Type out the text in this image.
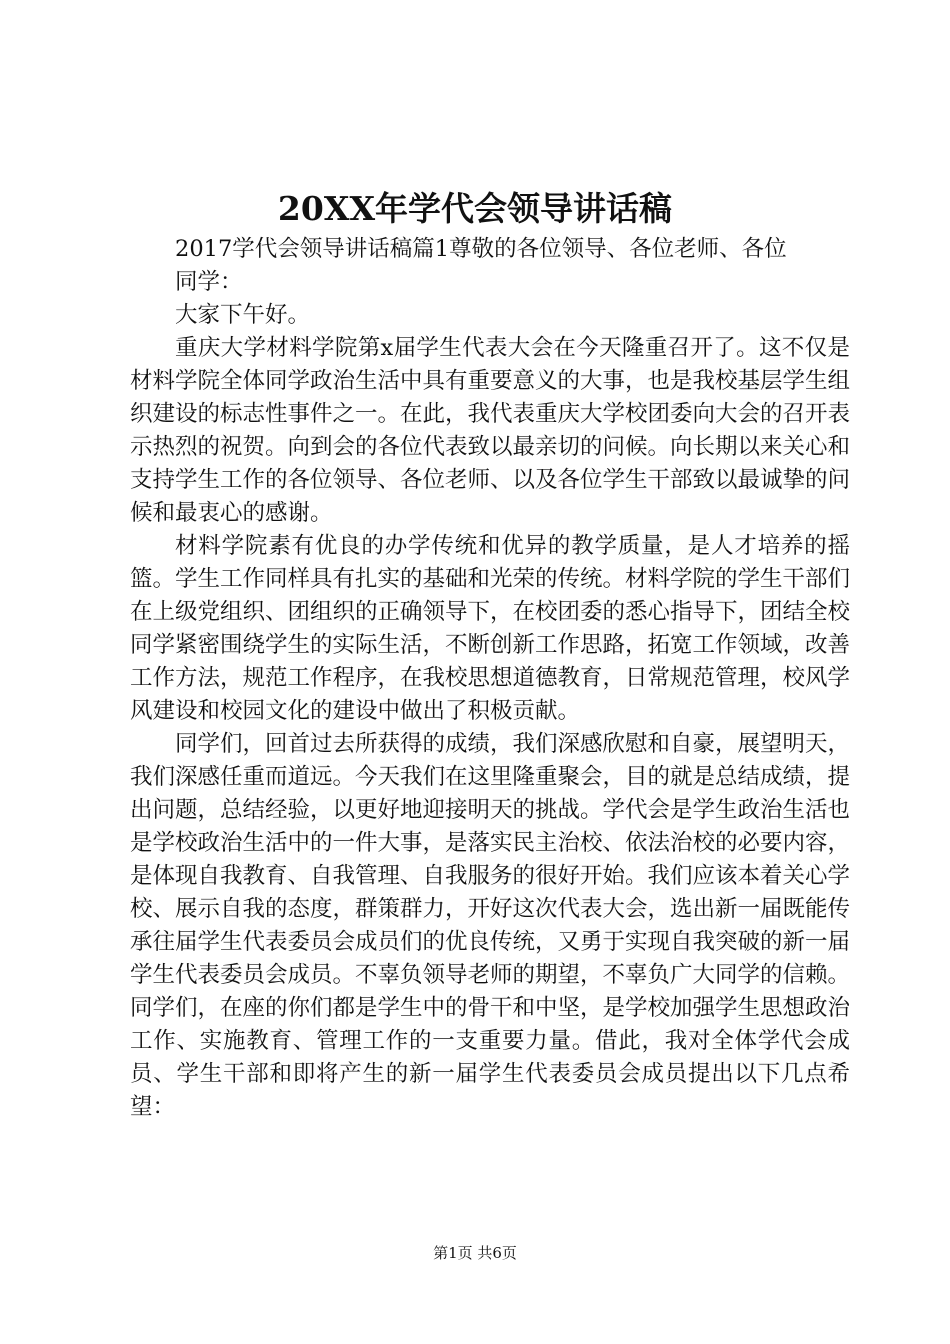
20XX年学代会领导讲话稿

2017学代会领导讲话稿篇1尊敬的各位领导、各位老师、各位

同学：

大家下午好。

重庆大学材料学院第x届学生代表大会在今天隆重召开了。这不仅是材料学院全体同学政治生活中具有重要意义的大事，也是我校基层学生组织建设的标志性事件之一。在此，我代表重庆大学校团委向大会的召开表示热烈的祝贺。向到会的各位代表致以最亲切的问候。向长期以来关心和支持学生工作的各位领导、各位老师、以及各位学生干部致以最诚挚的问候和最衷心的感谢。

材料学院素有优良的办学传统和优异的教学质量，是人才培养的摇篮。学生工作同样具有扎实的基础和光荣的传统。材料学院的学生干部们在上级党组织、团组织的正确领导下，在校团委的悉心指导下，团结全校同学紧密围绕学生的实际生活，不断创新工作思路，拓宽工作领域，改善工作方法，规范工作程序，在我校思想道德教育，日常规范管理，校风学风建设和校园文化的建设中做出了积极贡献。

同学们，回首过去所获得的成绩，我们深感欣慰和自豪，展望明天，我们深感任重而道远。今天我们在这里隆重聚会，目的就是总结成绩，提出问题，总结经验，以更好地迎接明天的挑战。学代会是学生政治生活也是学校政治生活中的一件大事，是落实民主治校、依法治校的必要内容，是体现自我教育、自我管理、自我服务的很好开始。我们应该本着关心学校、展示自我的态度，群策群力，开好这次代表大会，选出新一届既能传承往届学生代表委员会成员们的优良传统，又勇于实现自我突破的新一届学生代表委员会成员。不辜负领导老师的期望，不辜负广大同学的信赖。同学们，在座的你们都是学生中的骨干和中坚，是学校加强学生思想政治工作、实施教育、管理工作的一支重要力量。借此，我对全体学代会成员、学生干部和即将产生的新一届学生代表委员会成员提出以下几点希望：

第1页 共6页
